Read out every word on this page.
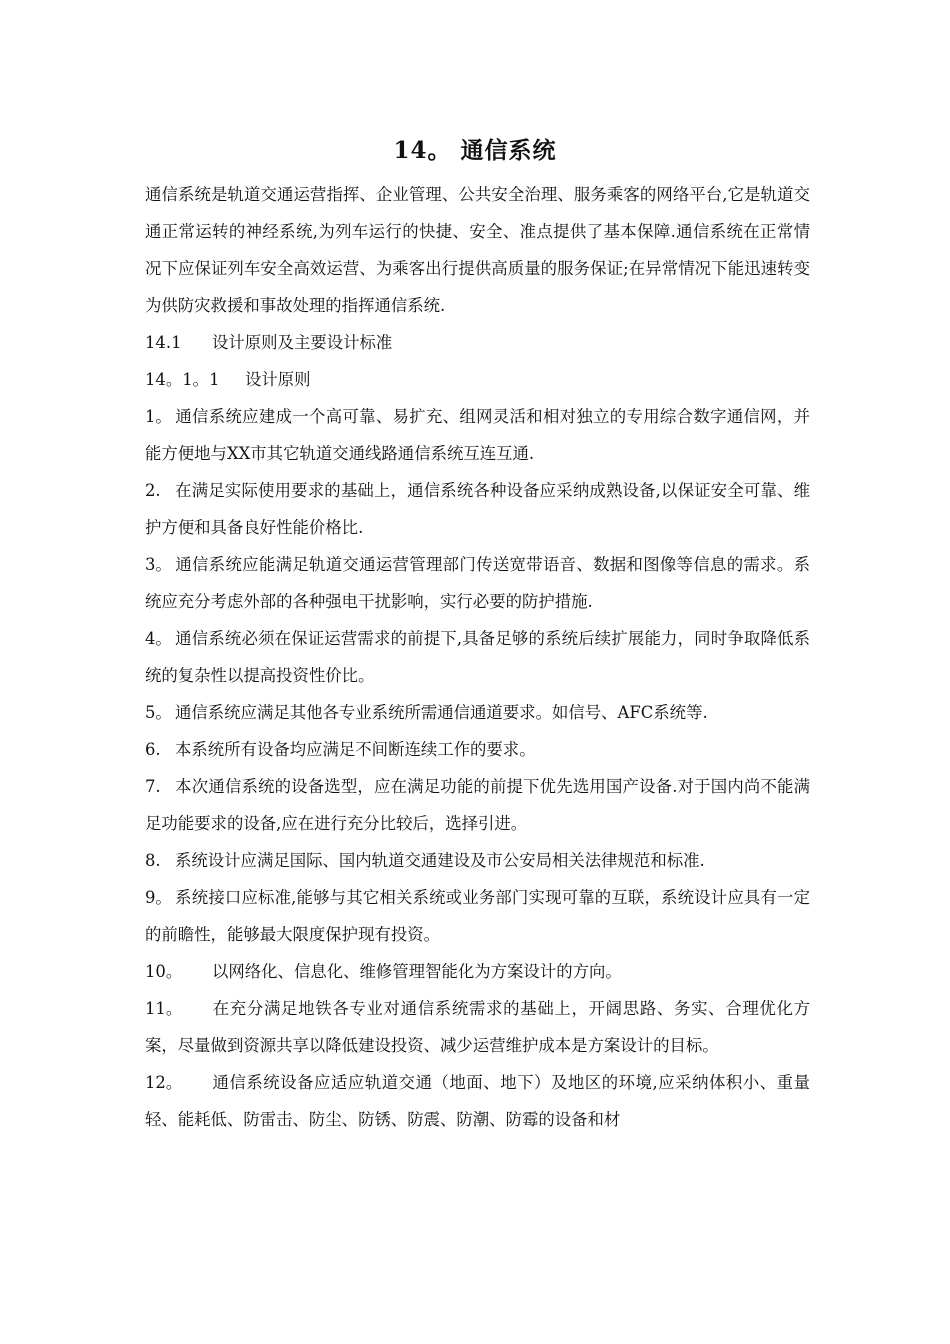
14。 通信系统

通信系统是轨道交通运营指挥、企业管理、公共安全治理、服务乘客的网络平台,它是轨道交通正常运转的神经系统,为列车运行的快捷、安全、准点提供了基本保障.通信系统在正常情况下应保证列车安全高效运营、为乘客出行提供高质量的服务保证;在异常情况下能迅速转变为供防灾救援和事故处理的指挥通信系统.

14.1 设计原则及主要设计标准

14。1。1 设计原则

1。 通信系统应建成一个高可靠、易扩充、组网灵活和相对独立的专用综合数字通信网，并能方便地与XX市其它轨道交通线路通信系统互连互通.

2. 在满足实际使用要求的基础上，通信系统各种设备应采纳成熟设备,以保证安全可靠、维护方便和具备良好性能价格比.

3。 通信系统应能满足轨道交通运营管理部门传送宽带语音、数据和图像等信息的需求。系统应充分考虑外部的各种强电干扰影响，实行必要的防护措施.

4。 通信系统必须在保证运营需求的前提下,具备足够的系统后续扩展能力，同时争取降低系统的复杂性以提高投资性价比。

5。 通信系统应满足其他各专业系统所需通信通道要求。如信号、AFC系统等.

6. 本系统所有设备均应满足不间断连续工作的要求。

7. 本次通信系统的设备选型，应在满足功能的前提下优先选用国产设备.对于国内尚不能满足功能要求的设备,应在进行充分比较后，选择引进。

8. 系统设计应满足国际、国内轨道交通建设及市公安局相关法律规范和标准.

9。 系统接口应标准,能够与其它相关系统或业务部门实现可靠的互联，系统设计应具有一定的前瞻性，能够最大限度保护现有投资。

10。 以网络化、信息化、维修管理智能化为方案设计的方向。

11。 在充分满足地铁各专业对通信系统需求的基础上，开阔思路、务实、合理优化方案，尽量做到资源共享以降低建设投资、减少运营维护成本是方案设计的目标。

12。 通信系统设备应适应轨道交通（地面、地下）及地区的环境,应采纳体积小、重量轻、能耗低、防雷击、防尘、防锈、防震、防潮、防霉的设备和材
